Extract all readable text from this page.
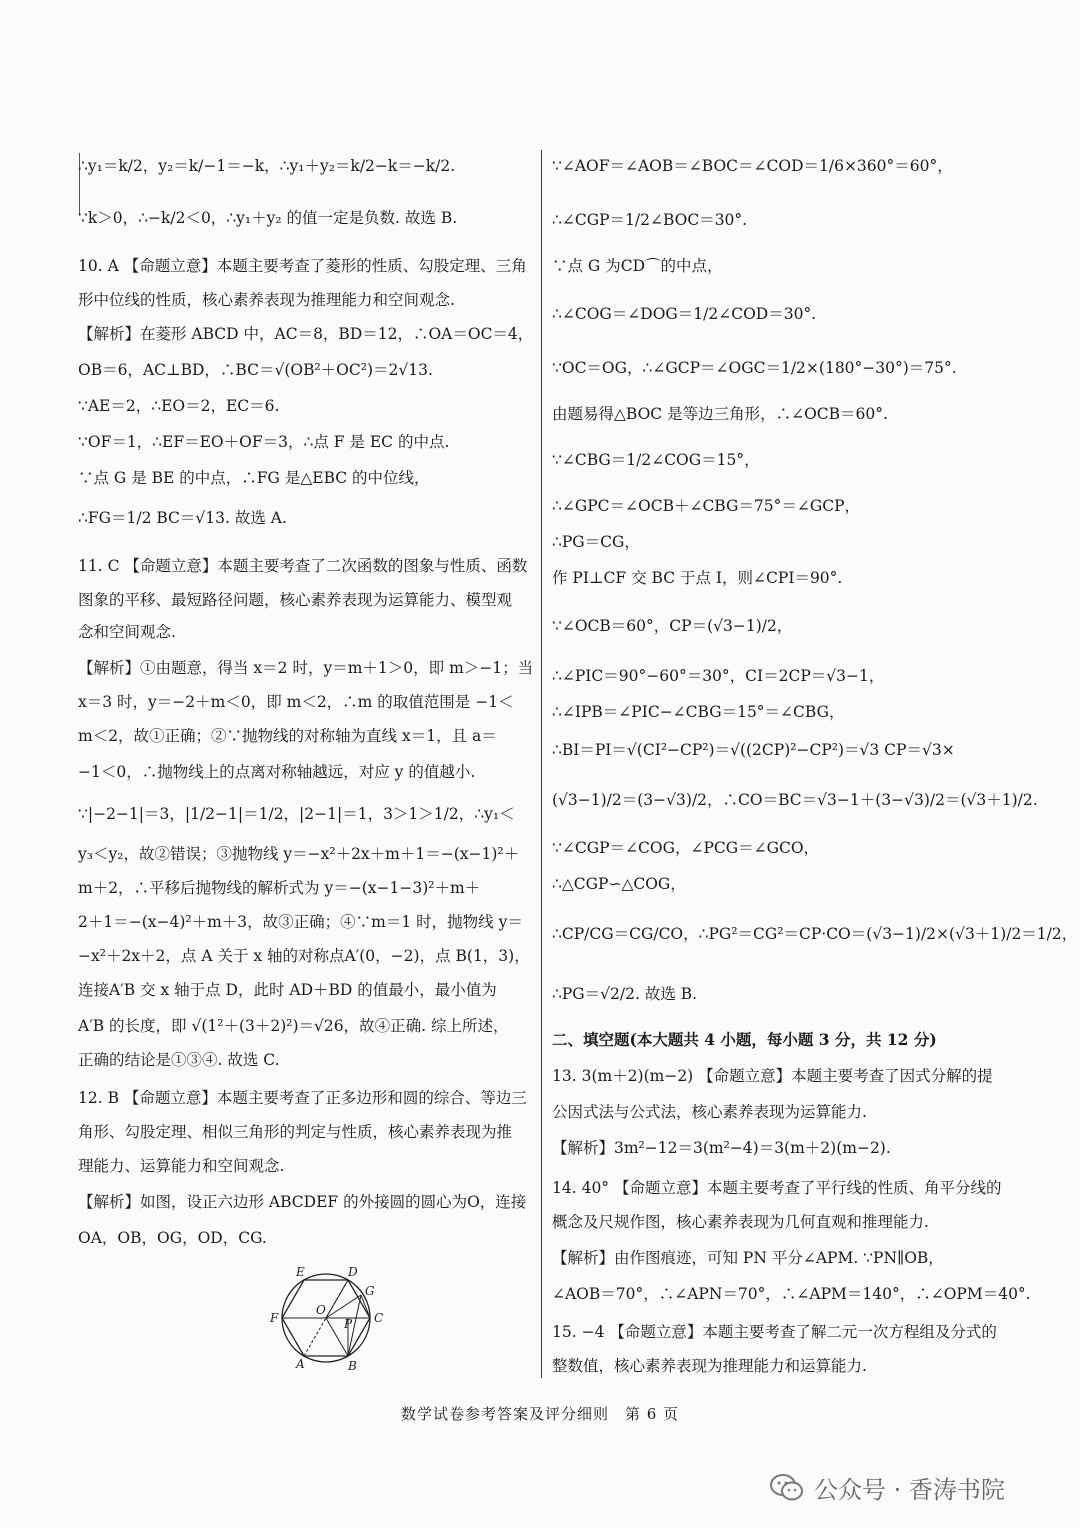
∴y₁＝k/2，y₂＝k/−1＝−k，∴y₁＋y₂＝k/2−k＝−k/2.
∵k＞0，∴−k/2＜0，∴y₁＋y₂ 的值一定是负数. 故选 B.
10. A 【命题立意】本题主要考查了菱形的性质、勾股定理、三角
形中位线的性质，核心素养表现为推理能力和空间观念.
【解析】在菱形 ABCD 中，AC＝8，BD＝12，∴OA＝OC＝4，
OB＝6，AC⊥BD，∴BC＝√(OB²＋OC²)＝2√13.
∵AE＝2，∴EO＝2，EC＝6.
∵OF＝1，∴EF＝EO＋OF＝3，∴点 F 是 EC 的中点.
∵点 G 是 BE 的中点，∴FG 是△EBC 的中位线，
∴FG＝1/2 BC＝√13. 故选 A.
11. C 【命题立意】本题主要考查了二次函数的图象与性质、函数
图象的平移、最短路径问题，核心素养表现为运算能力、模型观
念和空间观念.
【解析】①由题意，得当 x＝2 时，y＝m＋1＞0，即 m＞−1；当
x＝3 时，y＝−2＋m＜0，即 m＜2，∴m 的取值范围是 −1＜
m＜2，故①正确；②∵抛物线的对称轴为直线 x＝1，且 a＝
−1＜0，∴抛物线上的点离对称轴越远，对应 y 的值越小.
∵|−2−1|＝3，|1/2−1|＝1/2，|2−1|＝1，3＞1＞1/2，∴y₁＜
y₃＜y₂，故②错误；③抛物线 y＝−x²＋2x＋m＋1＝−(x−1)²＋
m＋2，∴平移后抛物线的解析式为 y＝−(x−1−3)²＋m＋
2＋1＝−(x−4)²＋m＋3，故③正确；④∵m＝1 时，抛物线 y＝
−x²＋2x＋2，点 A 关于 x 轴的对称点A′(0，−2)，点 B(1，3)，
连接A′B 交 x 轴于点 D，此时 AD＋BD 的值最小，最小值为
A′B 的长度，即 √(1²＋(3＋2)²)＝√26，故④正确. 综上所述，
正确的结论是①③④. 故选 C.
12. B 【命题立意】本题主要考查了正多边形和圆的综合、等边三
角形、勾股定理、相似三角形的判定与性质，核心素养表现为推
理能力、运算能力和空间观念.
【解析】如图，设正六边形 ABCDEF 的外接圆的圆心为O，连接
OA，OB，OG，OD，CG.
∵∠AOF＝∠AOB＝∠BOC＝∠COD＝1/6×360°＝60°，
∴∠CGP＝1/2∠BOC＝30°.
∵点 G 为CD⌒的中点，
∴∠COG＝∠DOG＝1/2∠COD＝30°.
∵OC＝OG，∴∠GCP＝∠OGC＝1/2×(180°−30°)＝75°.
由题易得△BOC 是等边三角形，∴∠OCB＝60°.
∵∠CBG＝1/2∠COG＝15°，
∴∠GPC＝∠OCB＋∠CBG＝75°＝∠GCP，
∴PG＝CG，
作 PI⊥CF 交 BC 于点 I，则∠CPI＝90°.
∵∠OCB＝60°，CP＝(√3−1)/2，
∴∠PIC＝90°−60°＝30°，CI＝2CP＝√3−1，
∴∠IPB＝∠PIC−∠CBG＝15°＝∠CBG，
∴BI＝PI＝√(CI²−CP²)＝√((2CP)²−CP²)＝√3 CP＝√3×
(√3−1)/2＝(3−√3)/2，∴CO＝BC＝√3−1＋(3−√3)/2＝(√3＋1)/2.
∵∠CGP＝∠COG，∠PCG＝∠GCO，
∴△CGP∽△COG，
∴CP/CG＝CG/CO，∴PG²＝CG²＝CP·CO＝(√3−1)/2×(√3＋1)/2＝1/2，
∴PG＝√2/2. 故选 B.
二、填空题(本大题共 4 小题，每小题 3 分，共 12 分)
13. 3(m＋2)(m−2) 【命题立意】本题主要考查了因式分解的提
公因式法与公式法，核心素养表现为运算能力.
【解析】3m²−12＝3(m²−4)＝3(m＋2)(m−2).
14. 40° 【命题立意】本题主要考查了平行线的性质、角平分线的
概念及尺规作图，核心素养表现为几何直观和推理能力.
【解析】由作图痕迹，可知 PN 平分∠APM. ∵PN∥OB，
∠AOB＝70°，∴∠APN＝70°，∴∠APM＝140°，∴∠OPM＝40°.
15. −4 【命题立意】本题主要考查了解二元一次方程组及分式的
整数值，核心素养表现为推理能力和运算能力.
E	D
G
O
F	P C
A	B
数学试卷参考答案及评分细则　第 6 页
公众号 · 香涛书院
